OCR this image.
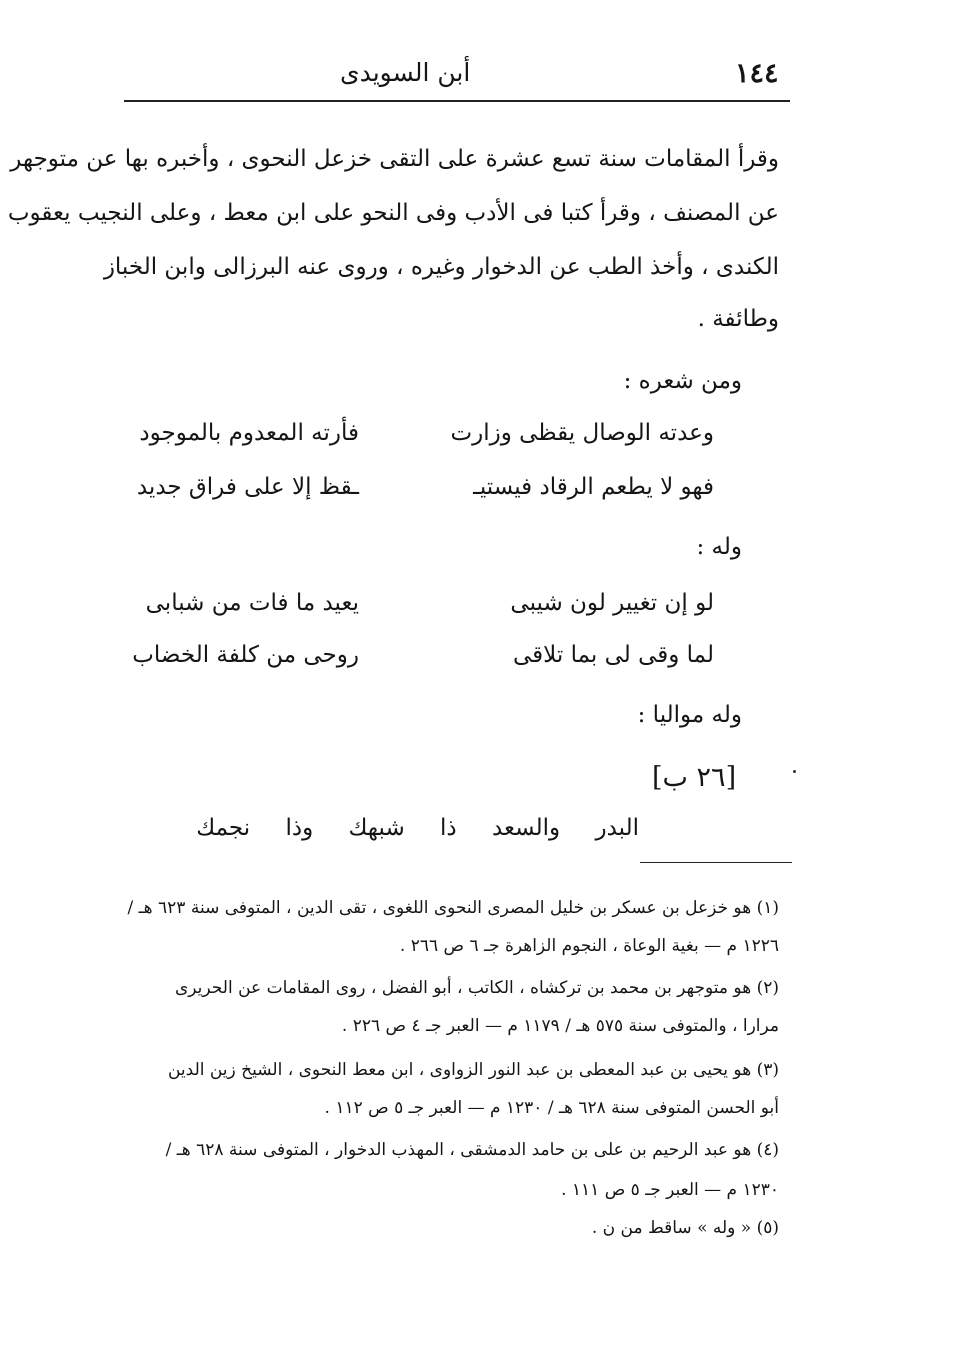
١٤٤
أبن السويدى
وقرأ المقامات سنة تسع عشرة على التقى خزعل النحوى ، وأخبره بها عن متوجهر
عن المصنف ، وقرأ كتبا فى الأدب وفى النحو على ابن معط ، وعلى النجيب يعقوب
الكندى ، وأخذ الطب عن الدخوار وغيره ، وروى عنه البرزالى وابن الخباز
وطائفة .
ومن شعره :
وعدته الوصال يقظى وزارت
فأرته المعدوم بالموجود
فهو لا يطعم الرقاد فيستيـ
ـقظ إلا على فراق جديد
وله :
لو إن تغيير لون شيبى
يعيد ما فات من شبابى
لما وقى لى بما تلاقى
روحى من كلفة الخضاب
وله مواليا :
[٢٦ ب]
البدر والسعد ذا شبهك وذا نجمك
(١) هو خزعل بن عسكر بن خليل المصرى النحوى اللغوى ، تقى الدين ، المتوفى سنة ٦٢٣ هـ /
١٢٢٦ م — بغية الوعاة ، النجوم الزاهرة جـ ٦ ص ٢٦٦ .
(٢) هو متوجهر بن محمد بن تركشاه ، الكاتب ، أبو الفضل ، روى المقامات عن الحريرى
مرارا ، والمتوفى سنة ٥٧٥ هـ / ١١٧٩ م — العبر جـ ٤ ص ٢٢٦ .
(٣) هو يحيى بن عبد المعطى بن عبد النور الزواوى ، ابن معط النحوى ، الشيخ زين الدين
أبو الحسن المتوفى سنة ٦٢٨ هـ / ١٢٣٠ م — العبر جـ ٥ ص ١١٢ .
(٤) هو عبد الرحيم بن على بن حامد الدمشقى ، المهذب الدخوار ، المتوفى سنة ٦٢٨ هـ /
١٢٣٠ م — العبر جـ ٥ ص ١١١ .
(٥) « وله » ساقط من ن .
